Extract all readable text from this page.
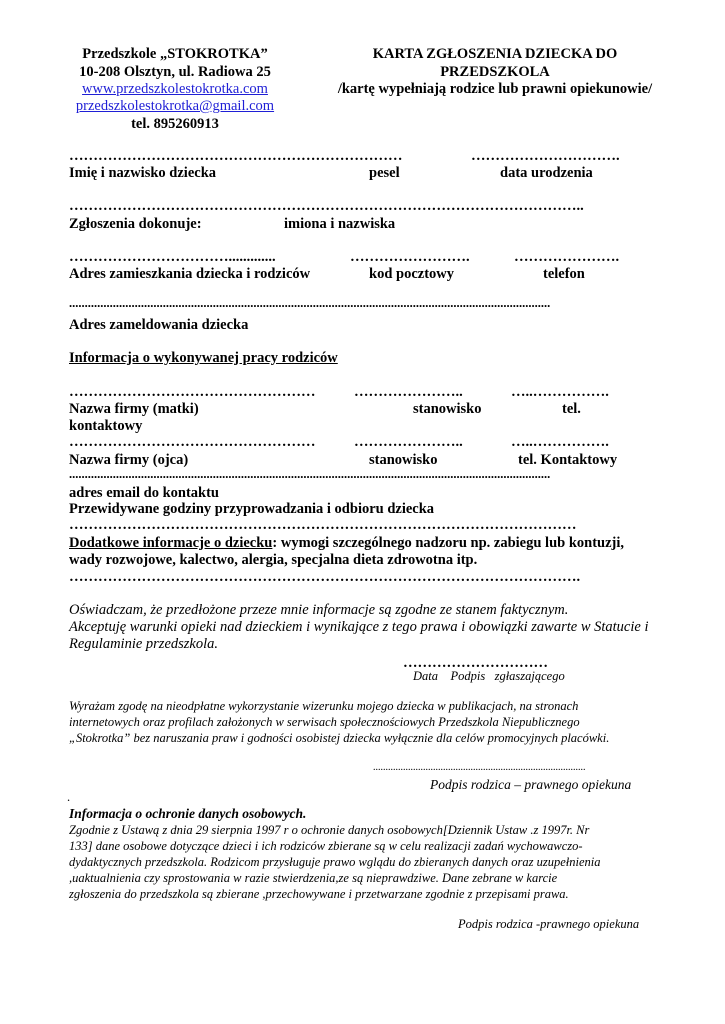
Przedszkole „STOKROTKA”
10-208 Olsztyn, ul. Radiowa 25
www.przedszkolestokrotka.com
przedszkolestokrotka@gmail.com
tel. 895260913
KARTA ZGŁOSZENIA DZIECKA DO
PRZEDSZKOLA
/kartę wypełniają rodzice lub prawni opiekunowie/
……………………………………………………………	………………………….
Imię i nazwisko dziecka	pesel	data urodzenia
……………………………………………………………………………………………..
Zgłoszenia dokonuje:	imiona i nazwiska
…………………………….............	…………………….	………………….
Adres zamieszkania dziecka i rodziców	kod pocztowy	telefon
..........................................................................................................................................................
Adres zameldowania dziecka
Informacja o wykonywanej pracy rodziców
……………………………………………	…………………..	…..…………….
Nazwa firmy (matki)	stanowisko	tel.
kontaktowy
……………………………………………	…………………..	…..…………….
Nazwa firmy (ojca)	stanowisko	tel. Kontaktowy
..........................................................................................................................................................
adres email do kontaktu
Przewidywane godziny przyprowadzania i odbioru dziecka
……………………………………………………………………………………………
Dodatkowe informacje o dziecku: wymogi szczególnego nadzoru np. zabiegu lub kontuzji,
wady rozwojowe, kalectwo, alergia, specjalna dieta zdrowotna itp.
…………………………………………………………………………………………….
Oświadczam, że przedłożone przeze mnie informacje są zgodne ze stanem faktycznym.
Akceptuję warunki opieki nad dzieckiem i wynikające z tego prawa i obowiązki zawarte w Statucie i
Regulaminie przedszkola.
…………………………
Data    Podpis   zgłaszającego
Wyrażam zgodę na nieodpłatne wykorzystanie wizerunku mojego dziecka w publikacjach, na stronach
internetowych oraz profilach założonych w serwisach społecznościowych Przedszkola Niepublicznego
„Stokrotka” bez naruszania praw i godności osobistej dziecka wyłącznie dla celów promocyjnych placówki.
.....................................................................................
Podpis rodzica – prawnego opiekuna
.
Informacja o ochronie danych osobowych.
Zgodnie z Ustawą z dnia 29 sierpnia 1997 r o ochronie danych osobowych[Dziennik Ustaw .z 1997r. Nr
133] dane osobowe dotyczące dzieci i ich rodziców zbierane są w celu realizacji zadań wychowawczo-
dydaktycznych przedszkola. Rodzicom przysługuje prawo wglądu do zbieranych danych oraz uzupełnienia
,uaktualnienia czy sprostowania w razie stwierdzenia,ze są nieprawdziwe. Dane zebrane w karcie
zgłoszenia do przedszkola są zbierane ,przechowywane i przetwarzane zgodnie z przepisami prawa.
Podpis rodzica -prawnego opiekuna
